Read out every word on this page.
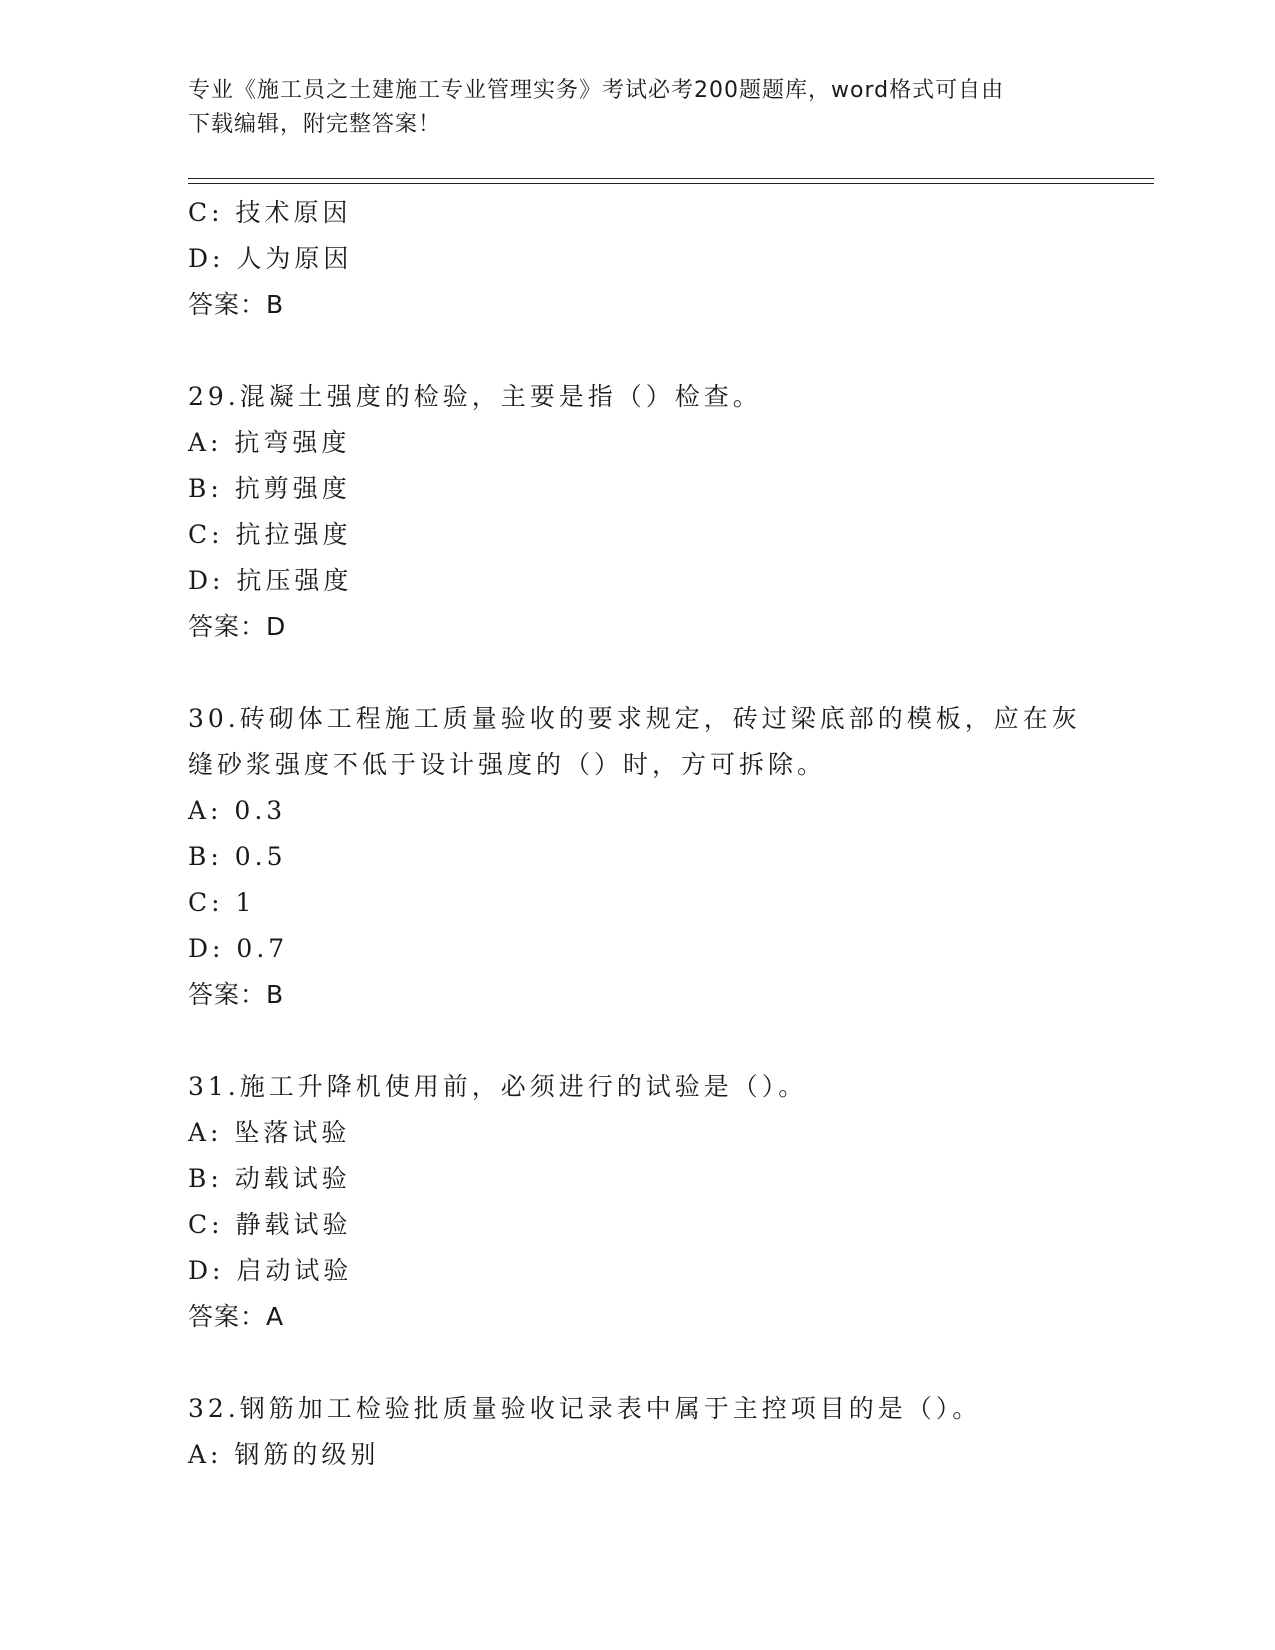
专业《施工员之土建施工专业管理实务》考试必考200题题库，word格式可自由
下载编辑，附完整答案！
C: 技术原因
D: 人为原因
答案：B
29.混凝土强度的检验，主要是指（）检查。
A: 抗弯强度
B: 抗剪强度
C: 抗拉强度
D: 抗压强度
答案：D
30.砖砌体工程施工质量验收的要求规定，砖过梁底部的模板，应在灰
缝砂浆强度不低于设计强度的（）时，方可拆除。
A: 0.3
B: 0.5
C: 1
D: 0.7
答案：B
31.施工升降机使用前，必须进行的试验是（）。
A: 坠落试验
B: 动载试验
C: 静载试验
D: 启动试验
答案：A
32.钢筋加工检验批质量验收记录表中属于主控项目的是（）。
A: 钢筋的级别
